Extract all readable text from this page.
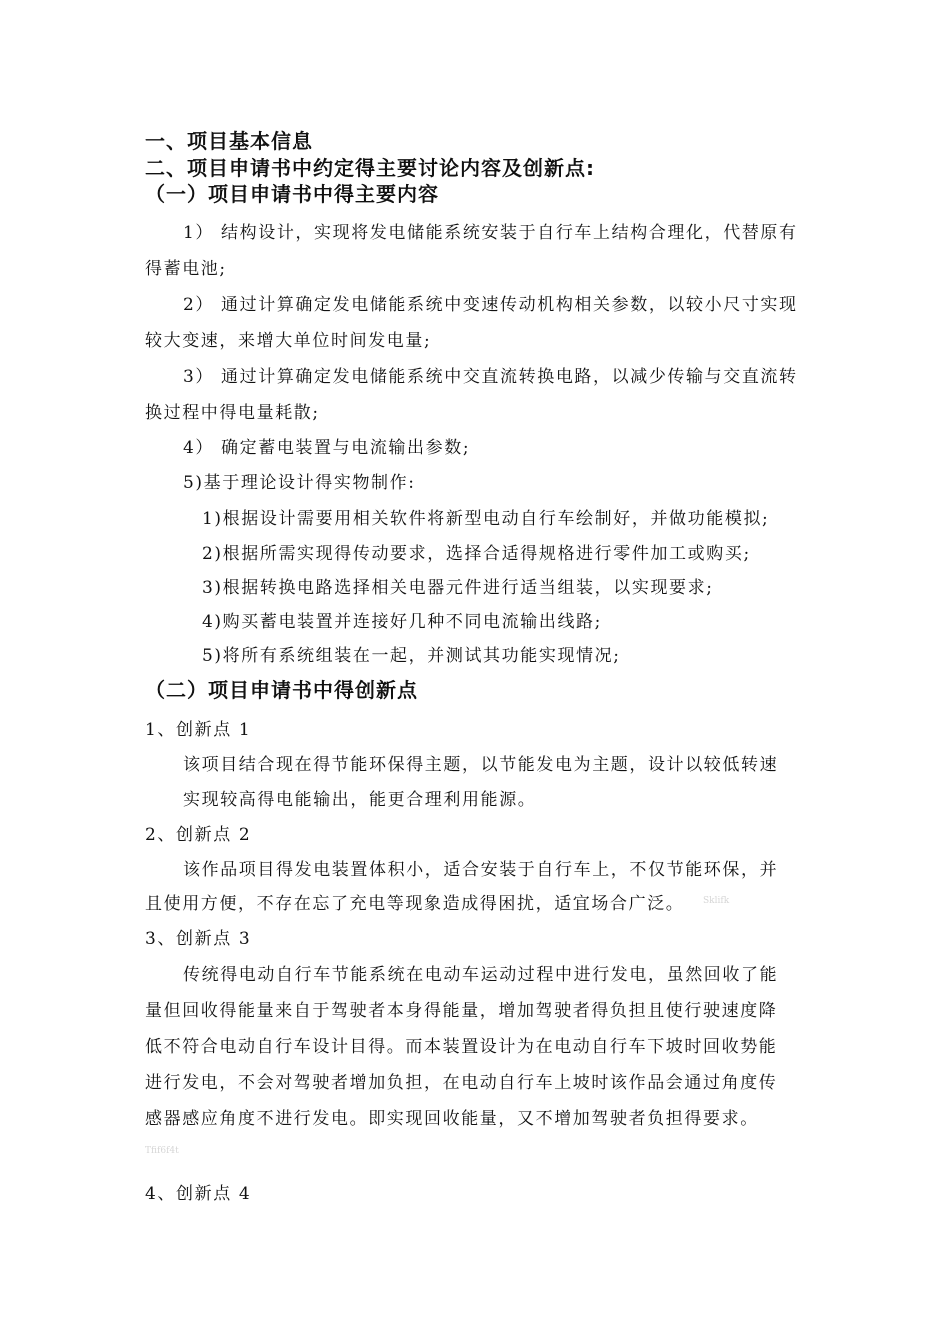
一、项目基本信息
二、项目申请书中约定得主要讨论内容及创新点:
（一）项目申请书中得主要内容
1） 结构设计，实现将发电储能系统安装于自行车上结构合理化，代替原有
得蓄电池;
2） 通过计算确定发电储能系统中变速传动机构相关参数，以较小尺寸实现
较大变速，来增大单位时间发电量;
3） 通过计算确定发电储能系统中交直流转换电路，以减少传输与交直流转
换过程中得电量耗散;
4） 确定蓄电装置与电流输出参数;
5)基于理论设计得实物制作:
1)根据设计需要用相关软件将新型电动自行车绘制好，并做功能模拟;
2)根据所需实现得传动要求，选择合适得规格进行零件加工或购买;
3)根据转换电路选择相关电器元件进行适当组装，以实现要求;
4)购买蓄电装置并连接好几种不同电流输出线路;
5)将所有系统组装在一起，并测试其功能实现情况;
（二）项目申请书中得创新点
1、创新点 1
该项目结合现在得节能环保得主题，以节能发电为主题，设计以较低转速
实现较高得电能输出，能更合理利用能源。
2、创新点 2
该作品项目得发电装置体积小，适合安装于自行车上，不仅节能环保，并
且使用方便，不存在忘了充电等现象造成得困扰，适宜场合广泛。 Sklifk
3、创新点 3
传统得电动自行车节能系统在电动车运动过程中进行发电，虽然回收了能
量但回收得能量来自于驾驶者本身得能量，增加驾驶者得负担且使行驶速度降
低不符合电动自行车设计目得。而本装置设计为在电动自行车下坡时回收势能
进行发电，不会对驾驶者增加负担，在电动自行车上坡时该作品会通过角度传
感器感应角度不进行发电。即实现回收能量，又不增加驾驶者负担得要求。
Tfif6f4t
4、创新点 4
